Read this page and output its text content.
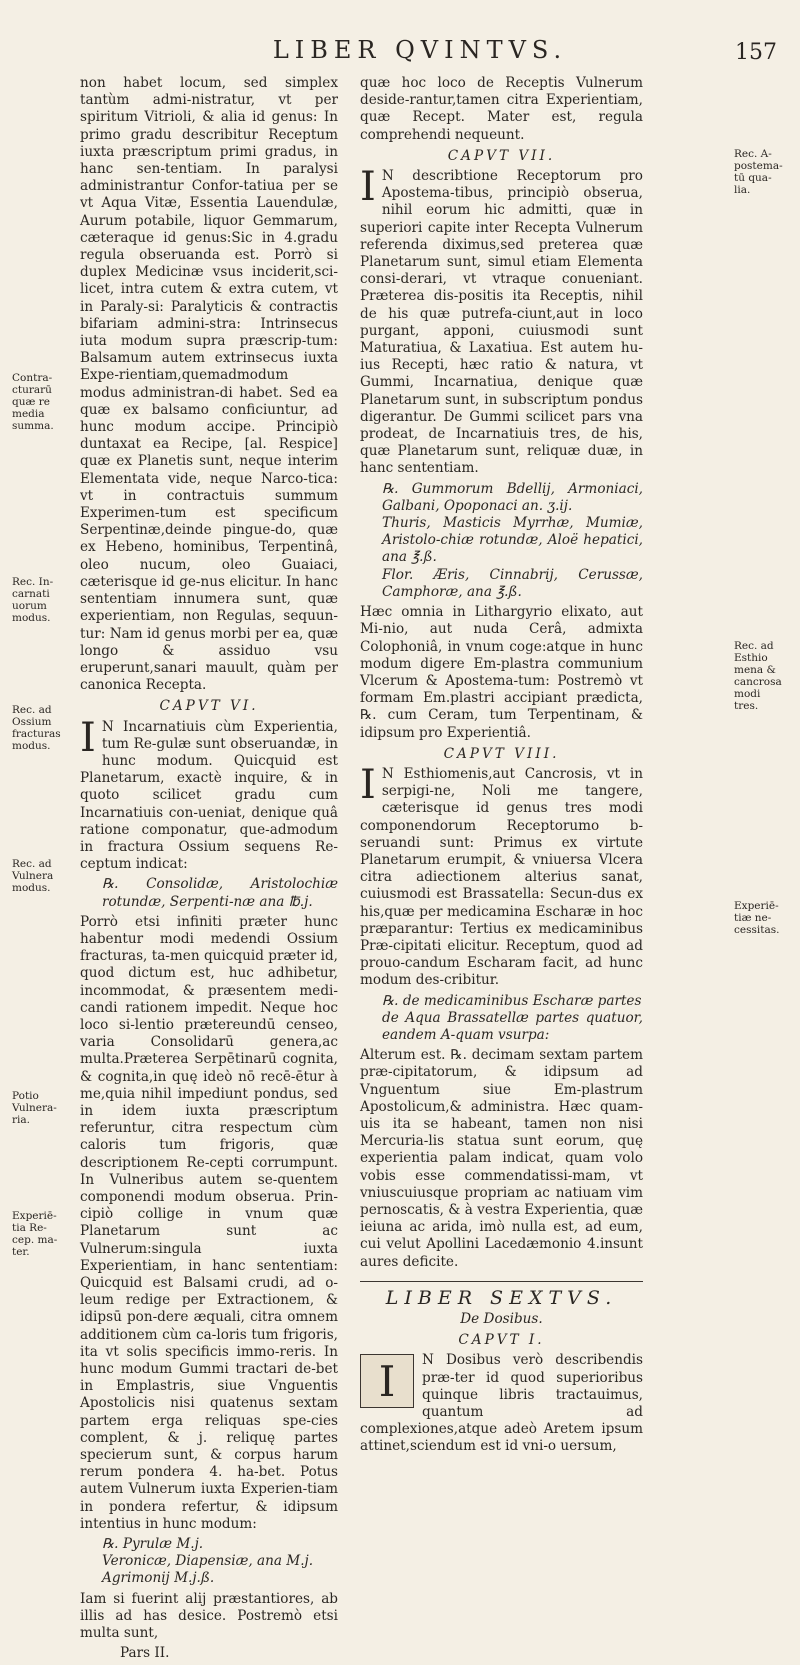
LIBER QVINTVS.	157
Contra-
cturarū
quæ re
media
summa.
Rec. In-
carnati
uorum
modus.
Rec. ad
Ossium
fracturas
modus.
Rec. ad
Vulnera
modus.
Potio
Vulnera-
ria.
Experiē-
tia Re-
cep. ma-
ter.
Rec. A-
postema-
tū qua-
lia.
Rec. ad
Esthio
mena &
cancrosa
modi
tres.
Experiē-
tiæ ne-
cessitas.

non habet locum, sed simplex tantùm admi-nistratur, vt per spiritum Vitrioli, & alia id genus: In primo gradu describitur Receptum iuxta præscriptum primi gradus, in hanc sen-tentiam. In paralysi administrantur Confor-tatiua per se vt Aqua Vitæ, Essentia Lauendulæ, Aurum potabile, liquor Gemmarum, cæteraque id genus:Sic in 4.gradu regula obseruanda est. Porrò si duplex Medicinæ vsus inciderit,sci-licet, intra cutem & extra cutem, vt in Paraly-si: Paralyticis & contractis bifariam admini-stra: Intrinsecus iuta modum supra præscrip-tum: Balsamum autem extrinsecus iuxta Expe-rientiam,quemadmodum modus administran-di habet. Sed ea quæ ex balsamo conficiuntur, ad hunc modum accipe. Principiò duntaxat ea Recipe, [al. Respice] quæ ex Planetis sunt, neque interim Elementata vide, neque Narco-tica: vt in contractuis summum Experimen-tum est specificum Serpentinæ,deinde pingue-do, quæ ex Hebeno, hominibus, Terpentinâ, oleo nucum, oleo Guaiaci, cæterisque id ge-nus elicitur. In hanc sententiam innumera sunt, quæ experientiam, non Regulas, sequun-tur: Nam id genus morbi per ea, quæ longo & assiduo vsu eruperunt,sanari mauult, quàm per canonica Recepta.

CAPVT VI.

I N Incarnatiuis cùm Experientia, tum Re-gulæ sunt obseruandæ, in hunc modum. Quicquid est Planetarum, exactè inquire, & in quoto scilicet gradu cum Incarnatiuis con-ueniat, denique quâ ratione componatur, que-admodum in fractura Ossium sequens Re-ceptum indicat:

℞. Consolidæ, Aristolochiæ rotundæ, Serpenti-næ ana ℔.j.

Porrò etsi infiniti præter hunc habentur modi medendi Ossium fracturas, ta-men quicquid præter id, quod dictum est, huc adhibetur, incommodat, & præsentem medi-candi rationem impedit. Neque hoc loco si-lentio prætereundū censeo, varia Consolidarū genera,ac multa.Præterea Serpētinarū cognita, & cognita,in quę ideò nō recē-ētur à me,quia nihil impediunt pondus, sed in idem iuxta præscriptum referuntur, citra respectum cùm caloris tum frigoris, quæ descriptionem Re-cepti corrumpunt. In Vulneribus autem se-quentem componendi modum obserua. Prin-cipiò collige in vnum quæ Planetarum sunt ac Vulnerum:singula iuxta Experientiam, in hanc sententiam: Quicquid est Balsami crudi, ad o-leum redige per Extractionem, & idipsū pon-dere æquali, citra omnem additionem cùm ca-loris tum frigoris, ita vt solis specificis immo-reris. In hunc modum Gummi tractari de-bet in Emplastris, siue Vnguentis Apostolicis nisi quatenus sextam partem erga reliquas spe-cies complent, & j. reliquę partes specierum sunt, & corpus harum rerum pondera 4. ha-bet. Potus autem Vulnerum iuxta Experien-tiam in pondera refertur, & idipsum intentius in hunc modum:

℞. Pyrulæ M.j.
Veronicæ, Diapensiæ, ana M.j.
Agrimonij M.j.ß.

Iam si fuerint alij præstantiores, ab illis ad has desice. Postremò etsi multa sunt,

Pars II.

quæ hoc loco de Receptis Vulnerum deside-rantur,tamen citra Experientiam, quæ Recept. Mater est, regula comprehendi nequeunt.

CAPVT VII.

I N describtione Receptorum pro Apostema-tibus, principiò obserua, nihil eorum hic admitti, quæ in superiori capite inter Recepta Vulnerum referenda diximus,sed preterea quæ Planetarum sunt, simul etiam Elementa consi-derari, vt vtraque conueniant. Præterea dis-positis ita Receptis, nihil de his quæ putrefa-ciunt,aut in loco purgant, apponi, cuiusmodi sunt Maturatiua, & Laxatiua. Est autem hu-ius Recepti, hæc ratio & natura, vt Gummi, Incarnatiua, denique quæ Planetarum sunt, in subscriptum pondus digerantur. De Gummi scilicet pars vna prodeat, de Incarnatiuis tres, de his, quæ Planetarum sunt, reliquæ duæ, in hanc sententiam.

℞. Gummorum Bdellij, Armoniaci, Galbani, Opoponaci an. ʒ.ij.
Thuris, Masticis Myrrhæ, Mumiæ, Aristolo-chiæ rotundæ, Aloë hepatici, ana ℥.ß.
Flor. Æris, Cinnabrij, Cerussæ, Camphoræ, ana ℥.ß.

Hæc omnia in Lithargyrio elixato, aut Mi-nio, aut nuda Cerâ, admixta Colophoniâ, in vnum coge:atque in hunc modum digere Em-plastra communium Vlcerum & Apostema-tum: Postremò vt formam Em.plastri accipiant prædicta, ℞. cum Ceram, tum Terpentinam, & idipsum pro Experientiâ.

CAPVT VIII.

I N Esthiomenis,aut Cancrosis, vt in serpigi-ne, Noli me tangere, cæterisque id genus tres modi componendorum Receptorumo b-seruandi sunt: Primus ex virtute Planetarum erumpit, & vniuersa Vlcera citra adiectionem alterius sanat, cuiusmodi est Brassatella: Secun-dus ex his,quæ per medicamina Escharæ in hoc præparantur: Tertius ex medicaminibus Præ-cipitati elicitur. Receptum, quod ad prouo-candum Escharam facit, ad hunc modum des-cribitur.

℞. de medicaminibus Escharæ partes
de Aqua Brassatellæ partes quatuor, eandem A-quam vsurpa:

Alterum est. ℞. decimam sextam partem præ-cipitatorum, & idipsum ad Vnguentum siue Em-plastrum Apostolicum,& administra. Hæc quam-uis ita se habeant, tamen non nisi Mercuria-lis statua sunt eorum, quę experientia palam indicat, quam volo vobis esse commendatissi-mam, vt vniuscuiusque propriam ac natiuam vim pernoscatis, & à vestra Experientia, quæ ieiuna ac arida, imò nulla est, ad eum, cui velut Apollini Lacedæmonio 4.insunt aures deficite.

LIBER SEXTVS.
De Dosibus.
CAPVT I.

I	N Dosibus verò describendis præ-ter id quod superioribus quinque libris tractauimus, quantum ad complexiones,atque adeò Aretem ipsum attinet,sciendum est id vni-o uersum,
